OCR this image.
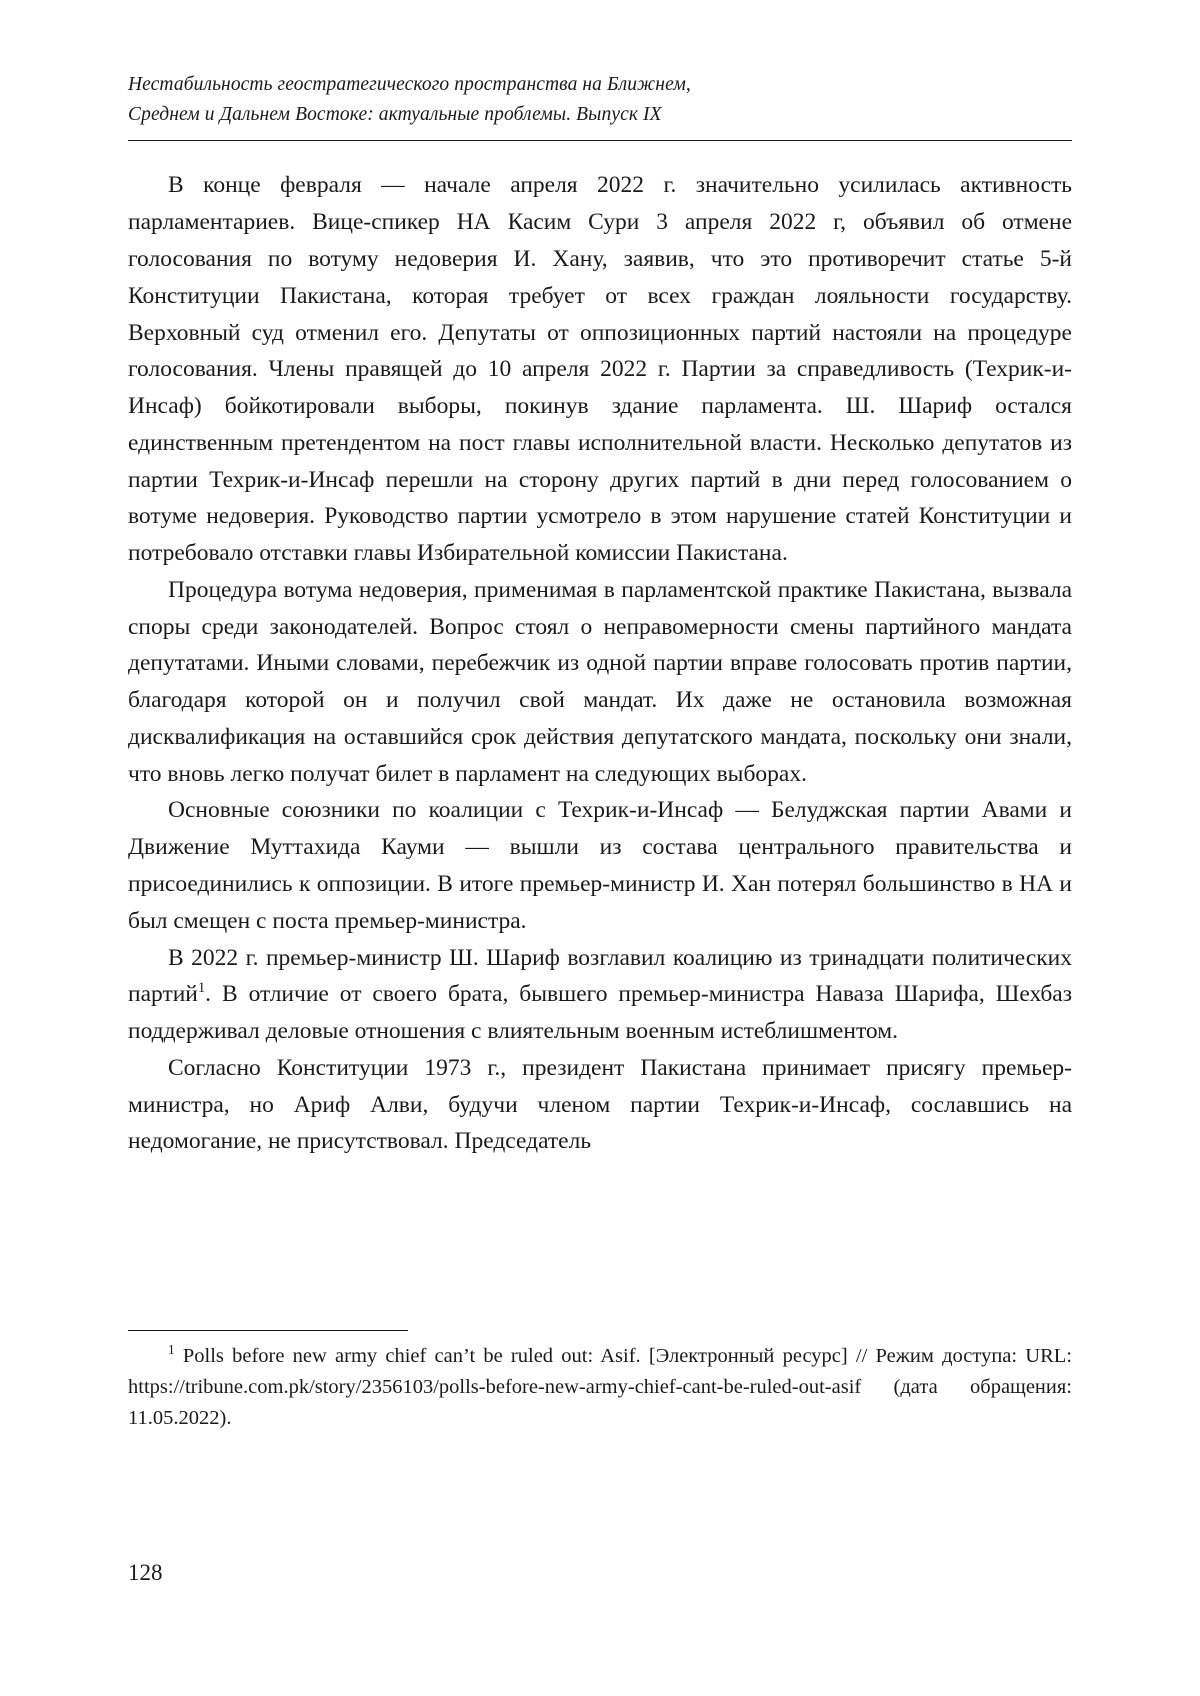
Нестабильность геостратегического пространства на Ближнем,
Среднем и Дальнем Востоке: актуальные проблемы. Выпуск IX

В конце февраля — начале апреля 2022 г. значительно усилилась активность парламентариев. Вице-спикер НА Касим Сури 3 апреля 2022 г, объявил об отмене голосования по вотуму недоверия И. Хану, заявив, что это противоречит статье 5-й Конституции Пакистана, которая требует от всех граждан лояльности государству. Верховный суд отменил его. Депутаты от оппозиционных партий настояли на процедуре голосования. Члены правящей до 10 апреля 2022 г. Партии за справедливость (Техрик-и-Инсаф) бойкотировали выборы, покинув здание парламента. Ш. Шариф остался единственным претендентом на пост главы исполнительной власти. Несколько депутатов из партии Техрик-и-Инсаф перешли на сторону других партий в дни перед голосованием о вотуме недоверия. Руководство партии усмотрело в этом нарушение статей Конституции и потребовало отставки главы Избирательной комиссии Пакистана.

Процедура вотума недоверия, применимая в парламентской практике Пакистана, вызвала споры среди законодателей. Вопрос стоял о неправомерности смены партийного мандата депутатами. Иными словами, перебежчик из одной партии вправе голосовать против партии, благодаря которой он и получил свой мандат. Их даже не остановила возможная дисквалификация на оставшийся срок действия депутатского мандата, поскольку они знали, что вновь легко получат билет в парламент на следующих выборах.

Основные союзники по коалиции с Техрик-и-Инсаф — Белуджская партии Авами и Движение Муттахида Кауми — вышли из состава центрального правительства и присоединились к оппозиции. В итоге премьер-министр И. Хан потерял большинство в НА и был смещен с поста премьер-министра.

В 2022 г. премьер-министр Ш. Шариф возглавил коалицию из тринадцати политических партий$^1$. В отличие от своего брата, бывшего премьер-министра Наваза Шарифа, Шехбаз поддерживал деловые отношения с влиятельным военным истеблишментом.

Согласно Конституции 1973 г., президент Пакистана принимает присягу премьер-министра, но Ариф Алви, будучи членом партии Техрик-и-Инсаф, сославшись на недомогание, не присутствовал. Председатель

$^1$ Polls before new army chief can’t be ruled out: Asif. [Электронный ресурс] // Режим доступа: URL: https://tribune.com.pk/story/2356103/polls-before-new-army-chief-cant-be-ruled-out-asif (дата обращения: 11.05.2022).

128
